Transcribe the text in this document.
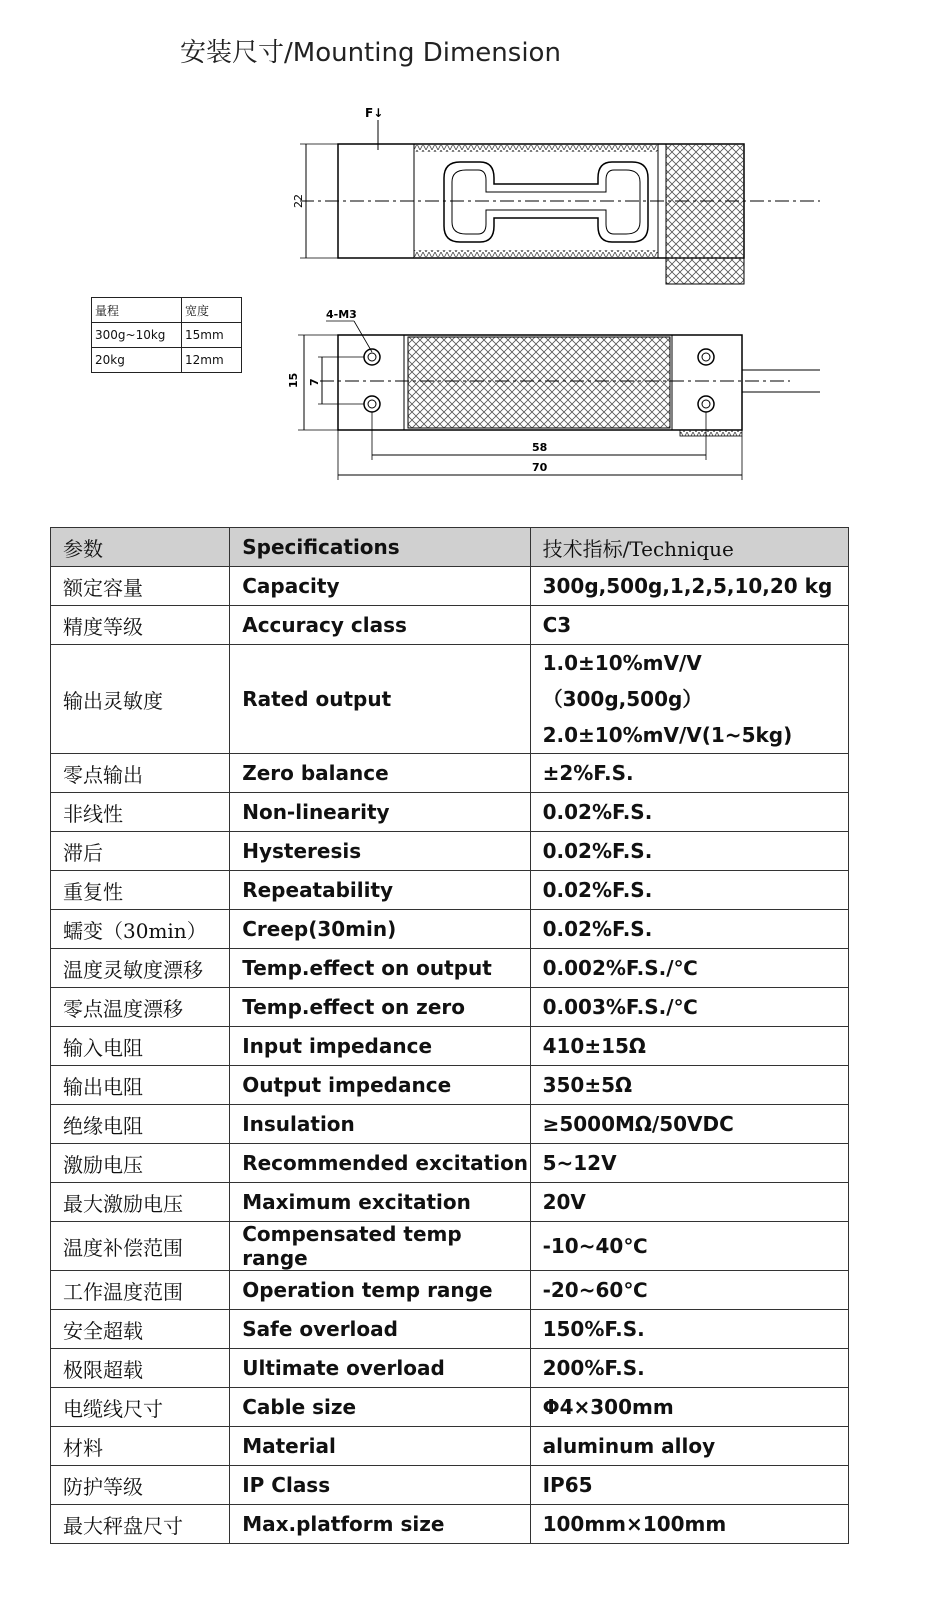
安装尺寸/Mounting Dimension
F↓
22
4-M3
15 7
58
70
量程	宽度
300g~10kg	15mm
20kg	12mm
参数	Specifications	技术指标/Technique
额定容量	Capacity	300g,500g,1,2,5,10,20 kg
精度等级	Accuracy class	C3
输出灵敏度	Rated output	1.0±10%mV/V（300g,500g）
2.0±10%mV/V(1~5kg)

零点输出	Zero balance	±2%F.S.
非线性	Non-linearity	0.02%F.S.
滞后	Hysteresis	0.02%F.S.
重复性	Repeatability	0.02%F.S.
蠕变（30min）	Creep(30min)	0.02%F.S.
温度灵敏度漂移	Temp.effect on output	0.002%F.S./℃
零点温度漂移	Temp.effect on zero	0.003%F.S./℃
输入电阻	Input impedance	410±15Ω
输出电阻	Output impedance	350±5Ω
绝缘电阻	Insulation	≥5000MΩ/50VDC
激励电压	Recommended excitation	5~12V
最大激励电压	Maximum excitation	20V
温度补偿范围	Compensated temp range	-10~40℃
工作温度范围	Operation temp range	-20~60℃
安全超载	Safe overload	150%F.S.
极限超载	Ultimate overload	200%F.S.
电缆线尺寸	Cable size	Φ4×300mm
材料	Material	aluminum alloy
防护等级	IP Class	IP65
最大秤盘尺寸	Max.platform size	100mm×100mm
